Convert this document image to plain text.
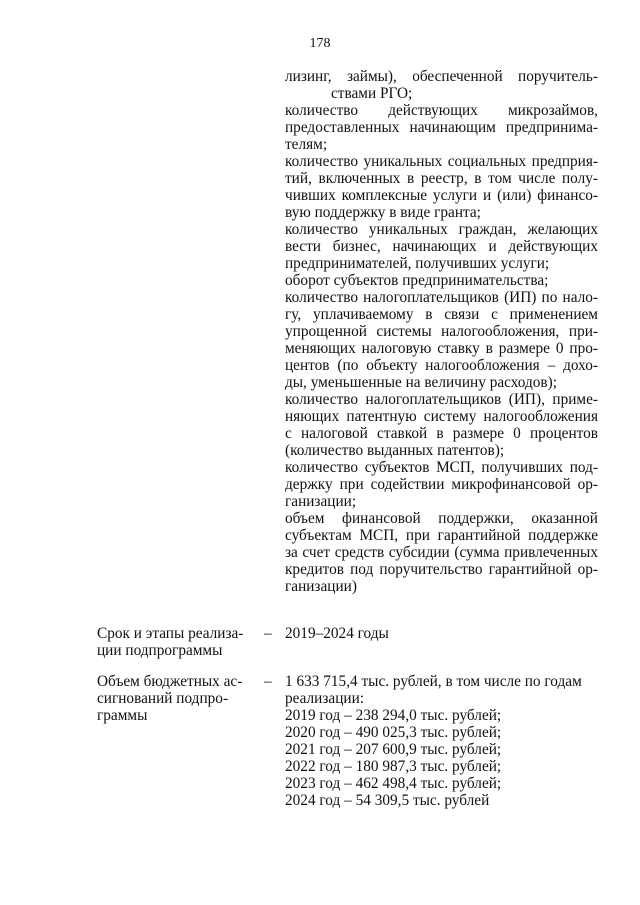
178
лизинг, займы), обеспеченной поручитель-
ствами РГО;
количество действующих микрозаймов,
предоставленных начинающим предпринима-
телям;
количество уникальных социальных предприя-
тий, включенных в реестр, в том числе полу-
чивших комплексные услуги и (или) финансо-
вую поддержку в виде гранта;
количество уникальных граждан, желающих
вести бизнес, начинающих и действующих
предпринимателей, получивших услуги;
оборот субъектов предпринимательства;
количество налогоплательщиков (ИП) по нало-
гу, уплачиваемому в связи с применением
упрощенной системы налогообложения, при-
меняющих налоговую ставку в размере 0 про-
центов (по объекту налогообложения – дохо-
ды, уменьшенные на величину расходов);
количество налогоплательщиков (ИП), приме-
няющих патентную систему налогообложения
с налоговой ставкой в размере 0 процентов
(количество выданных патентов);
количество субъектов МСП, получивших под-
держку при содействии микрофинансовой ор-
ганизации;
объем финансовой поддержки, оказанной
субъектам МСП, при гарантийной поддержке
за счет средств субсидии (сумма привлеченных
кредитов под поручительство гарантийной ор-
ганизации)
Срок и этапы реализа-
ции подпрограммы
– 2019–2024 годы
Объем бюджетных ас-
сигнований подпро-
граммы
– 1 633 715,4 тыс. рублей, в том числе по годам
реализации:
2019 год – 238 294,0 тыс. рублей;
2020 год – 490 025,3 тыс. рублей;
2021 год – 207 600,9 тыс. рублей;
2022 год – 180 987,3 тыс. рублей;
2023 год – 462 498,4 тыс. рублей;
2024 год – 54 309,5 тыс. рублей
